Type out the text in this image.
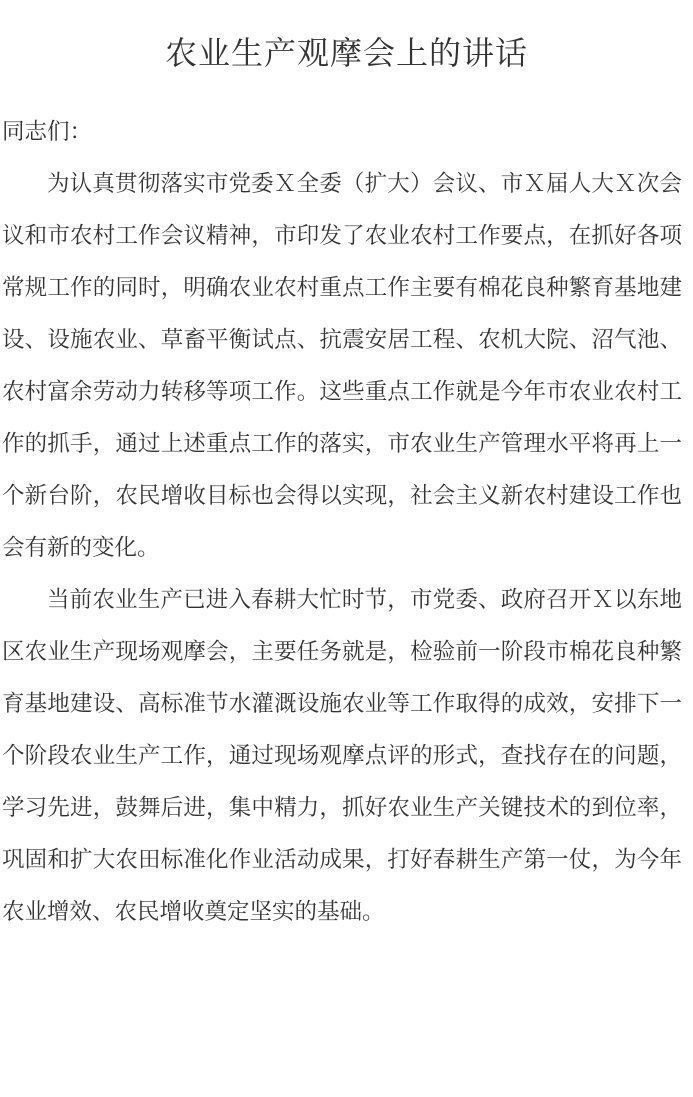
农业生产观摩会上的讲话

同志们：

为认真贯彻落实市党委Ｘ全委（扩大）会议、市Ｘ届人大Ｘ次会议和市农村工作会议精神，市印发了农业农村工作要点，在抓好各项常规工作的同时，明确农业农村重点工作主要有棉花良种繁育基地建设、设施农业、草畜平衡试点、抗震安居工程、农机大院、沼气池、农村富余劳动力转移等项工作。这些重点工作就是今年市农业农村工作的抓手，通过上述重点工作的落实，市农业生产管理水平将再上一个新台阶，农民增收目标也会得以实现，社会主义新农村建设工作也会有新的变化。

当前农业生产已进入春耕大忙时节，市党委、政府召开Ｘ以东地区农业生产现场观摩会，主要任务就是，检验前一阶段市棉花良种繁育基地建设、高标准节水灌溉设施农业等工作取得的成效，安排下一个阶段农业生产工作，通过现场观摩点评的形式，查找存在的问题，学习先进，鼓舞后进，集中精力，抓好农业生产关键技术的到位率，巩固和扩大农田标准化作业活动成果，打好春耕生产第一仗，为今年农业增效、农民增收奠定坚实的基础。
